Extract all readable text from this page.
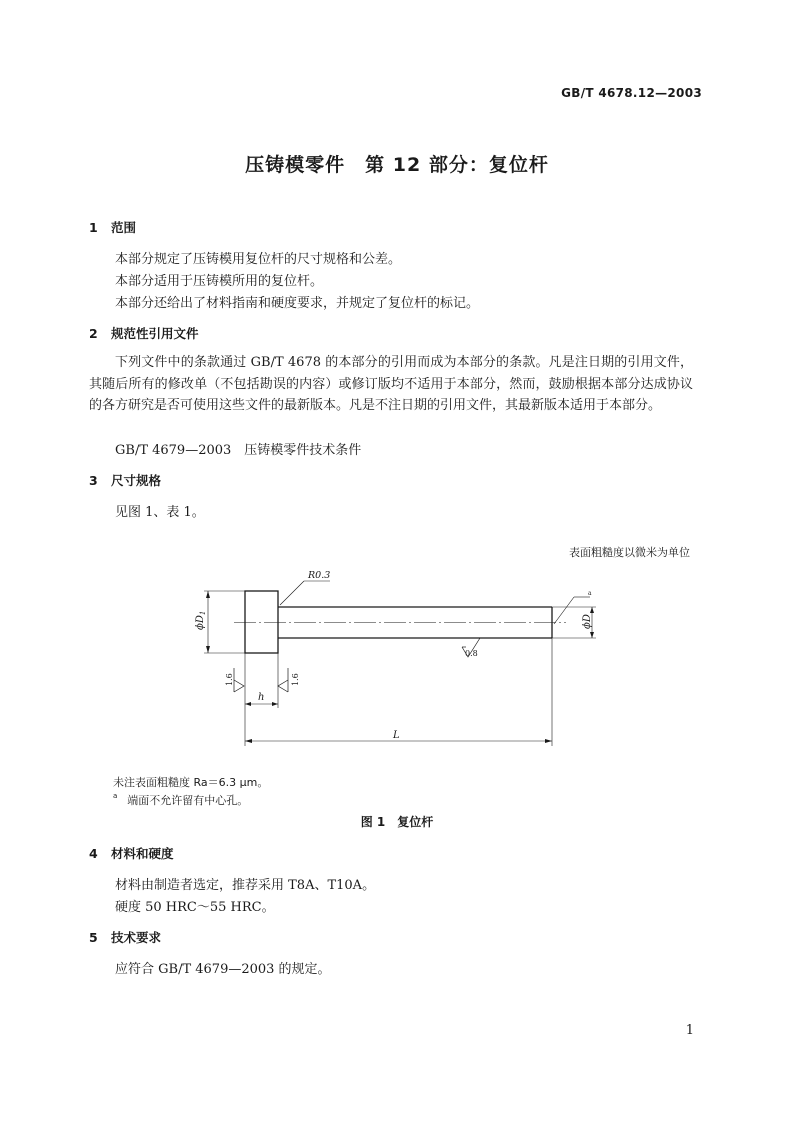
GB/T 4678.12—2003
压铸模零件　第 12 部分：复位杆
1 范围
本部分规定了压铸模用复位杆的尺寸规格和公差。
本部分适用于压铸模所用的复位杆。
本部分还给出了材料指南和硬度要求，并规定了复位杆的标记。
2 规范性引用文件
下列文件中的条款通过 GB/T 4678 的本部分的引用而成为本部分的条款。凡是注日期的引用文件，其随后所有的修改单（不包括勘误的内容）或修订版均不适用于本部分，然而，鼓励根据本部分达成协议的各方研究是否可使用这些文件的最新版本。凡是不注日期的引用文件，其最新版本适用于本部分。
GB/T 4679—2003　压铸模零件技术条件
3 尺寸规格
见图 1、表 1。
表面粗糙度以微米为单位
$\phi D_1$
ϕD
R0.3
a
0.8
1.6	1.6
h
L
未注表面粗糙度 Ra＝6.3 μm。
$^a$ 端面不允许留有中心孔。
图 1　复位杆
4 材料和硬度
材料由制造者选定，推荐采用 T8A、T10A。
硬度 50 HRC～55 HRC。
5 技术要求
应符合 GB/T 4679—2003 的规定。
1
